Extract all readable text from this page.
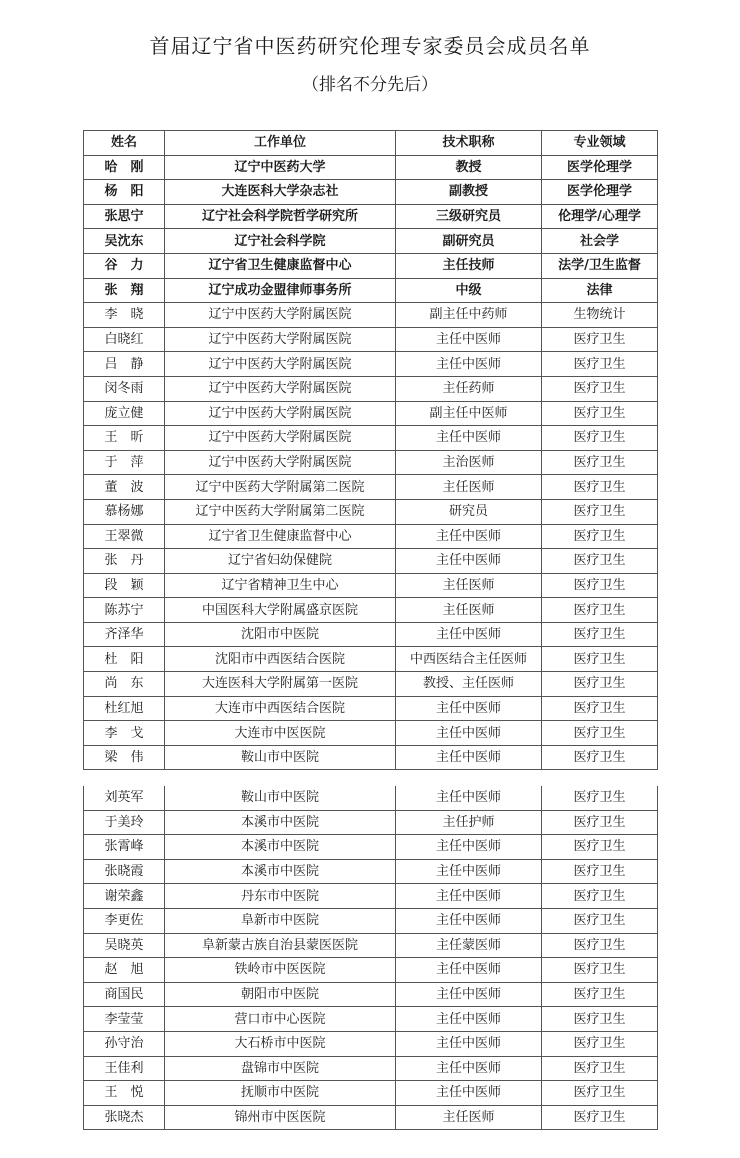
首届辽宁省中医药研究伦理专家委员会成员名单
（排名不分先后）
姓名	工作单位	技术职称	专业领域
哈　刚	辽宁中医药大学	教授	医学伦理学
杨　阳	大连医科大学杂志社	副教授	医学伦理学
张思宁	辽宁社会科学院哲学研究所	三级研究员	伦理学/心理学
吴沈东	辽宁社会科学院	副研究员	社会学
谷　力	辽宁省卫生健康监督中心	主任技师	法学/卫生监督
张　翔	辽宁成功金盟律师事务所	中级	法律
李　晓	辽宁中医药大学附属医院	副主任中药师	生物统计
白晓红	辽宁中医药大学附属医院	主任中医师	医疗卫生
吕　静	辽宁中医药大学附属医院	主任中医师	医疗卫生
闵冬雨	辽宁中医药大学附属医院	主任药师	医疗卫生
庞立健	辽宁中医药大学附属医院	副主任中医师	医疗卫生
王　昕	辽宁中医药大学附属医院	主任中医师	医疗卫生
于　萍	辽宁中医药大学附属医院	主治医师	医疗卫生
董　波	辽宁中医药大学附属第二医院	主任医师	医疗卫生
慕杨娜	辽宁中医药大学附属第二医院	研究员	医疗卫生
王翠微	辽宁省卫生健康监督中心	主任中医师	医疗卫生
张　丹	辽宁省妇幼保健院	主任中医师	医疗卫生
段　颖	辽宁省精神卫生中心	主任医师	医疗卫生
陈苏宁	中国医科大学附属盛京医院	主任医师	医疗卫生
齐泽华	沈阳市中医院	主任中医师	医疗卫生
杜　阳	沈阳市中西医结合医院	中西医结合主任医师	医疗卫生
尚　东	大连医科大学附属第一医院	教授、主任医师	医疗卫生
杜红旭	大连市中西医结合医院	主任中医师	医疗卫生
李　戈	大连市中医医院	主任中医师	医疗卫生
梁　伟	鞍山市中医院	主任中医师	医疗卫生
刘英军	鞍山市中医院	主任中医师	医疗卫生
于美玲	本溪市中医院	主任护师	医疗卫生
张霄峰	本溪市中医院	主任中医师	医疗卫生
张晓霞	本溪市中医院	主任中医师	医疗卫生
谢荣鑫	丹东市中医院	主任中医师	医疗卫生
李更佐	阜新市中医院	主任中医师	医疗卫生
吴晓英	阜新蒙古族自治县蒙医医院	主任蒙医师	医疗卫生
赵　旭	铁岭市中医医院	主任中医师	医疗卫生
商国民	朝阳市中医院	主任中医师	医疗卫生
李莹莹	营口市中心医院	主任中医师	医疗卫生
孙守治	大石桥市中医院	主任中医师	医疗卫生
王佳利	盘锦市中医院	主任中医师	医疗卫生
王　悦	抚顺市中医院	主任中医师	医疗卫生
张晓杰	锦州市中医医院	主任医师	医疗卫生
